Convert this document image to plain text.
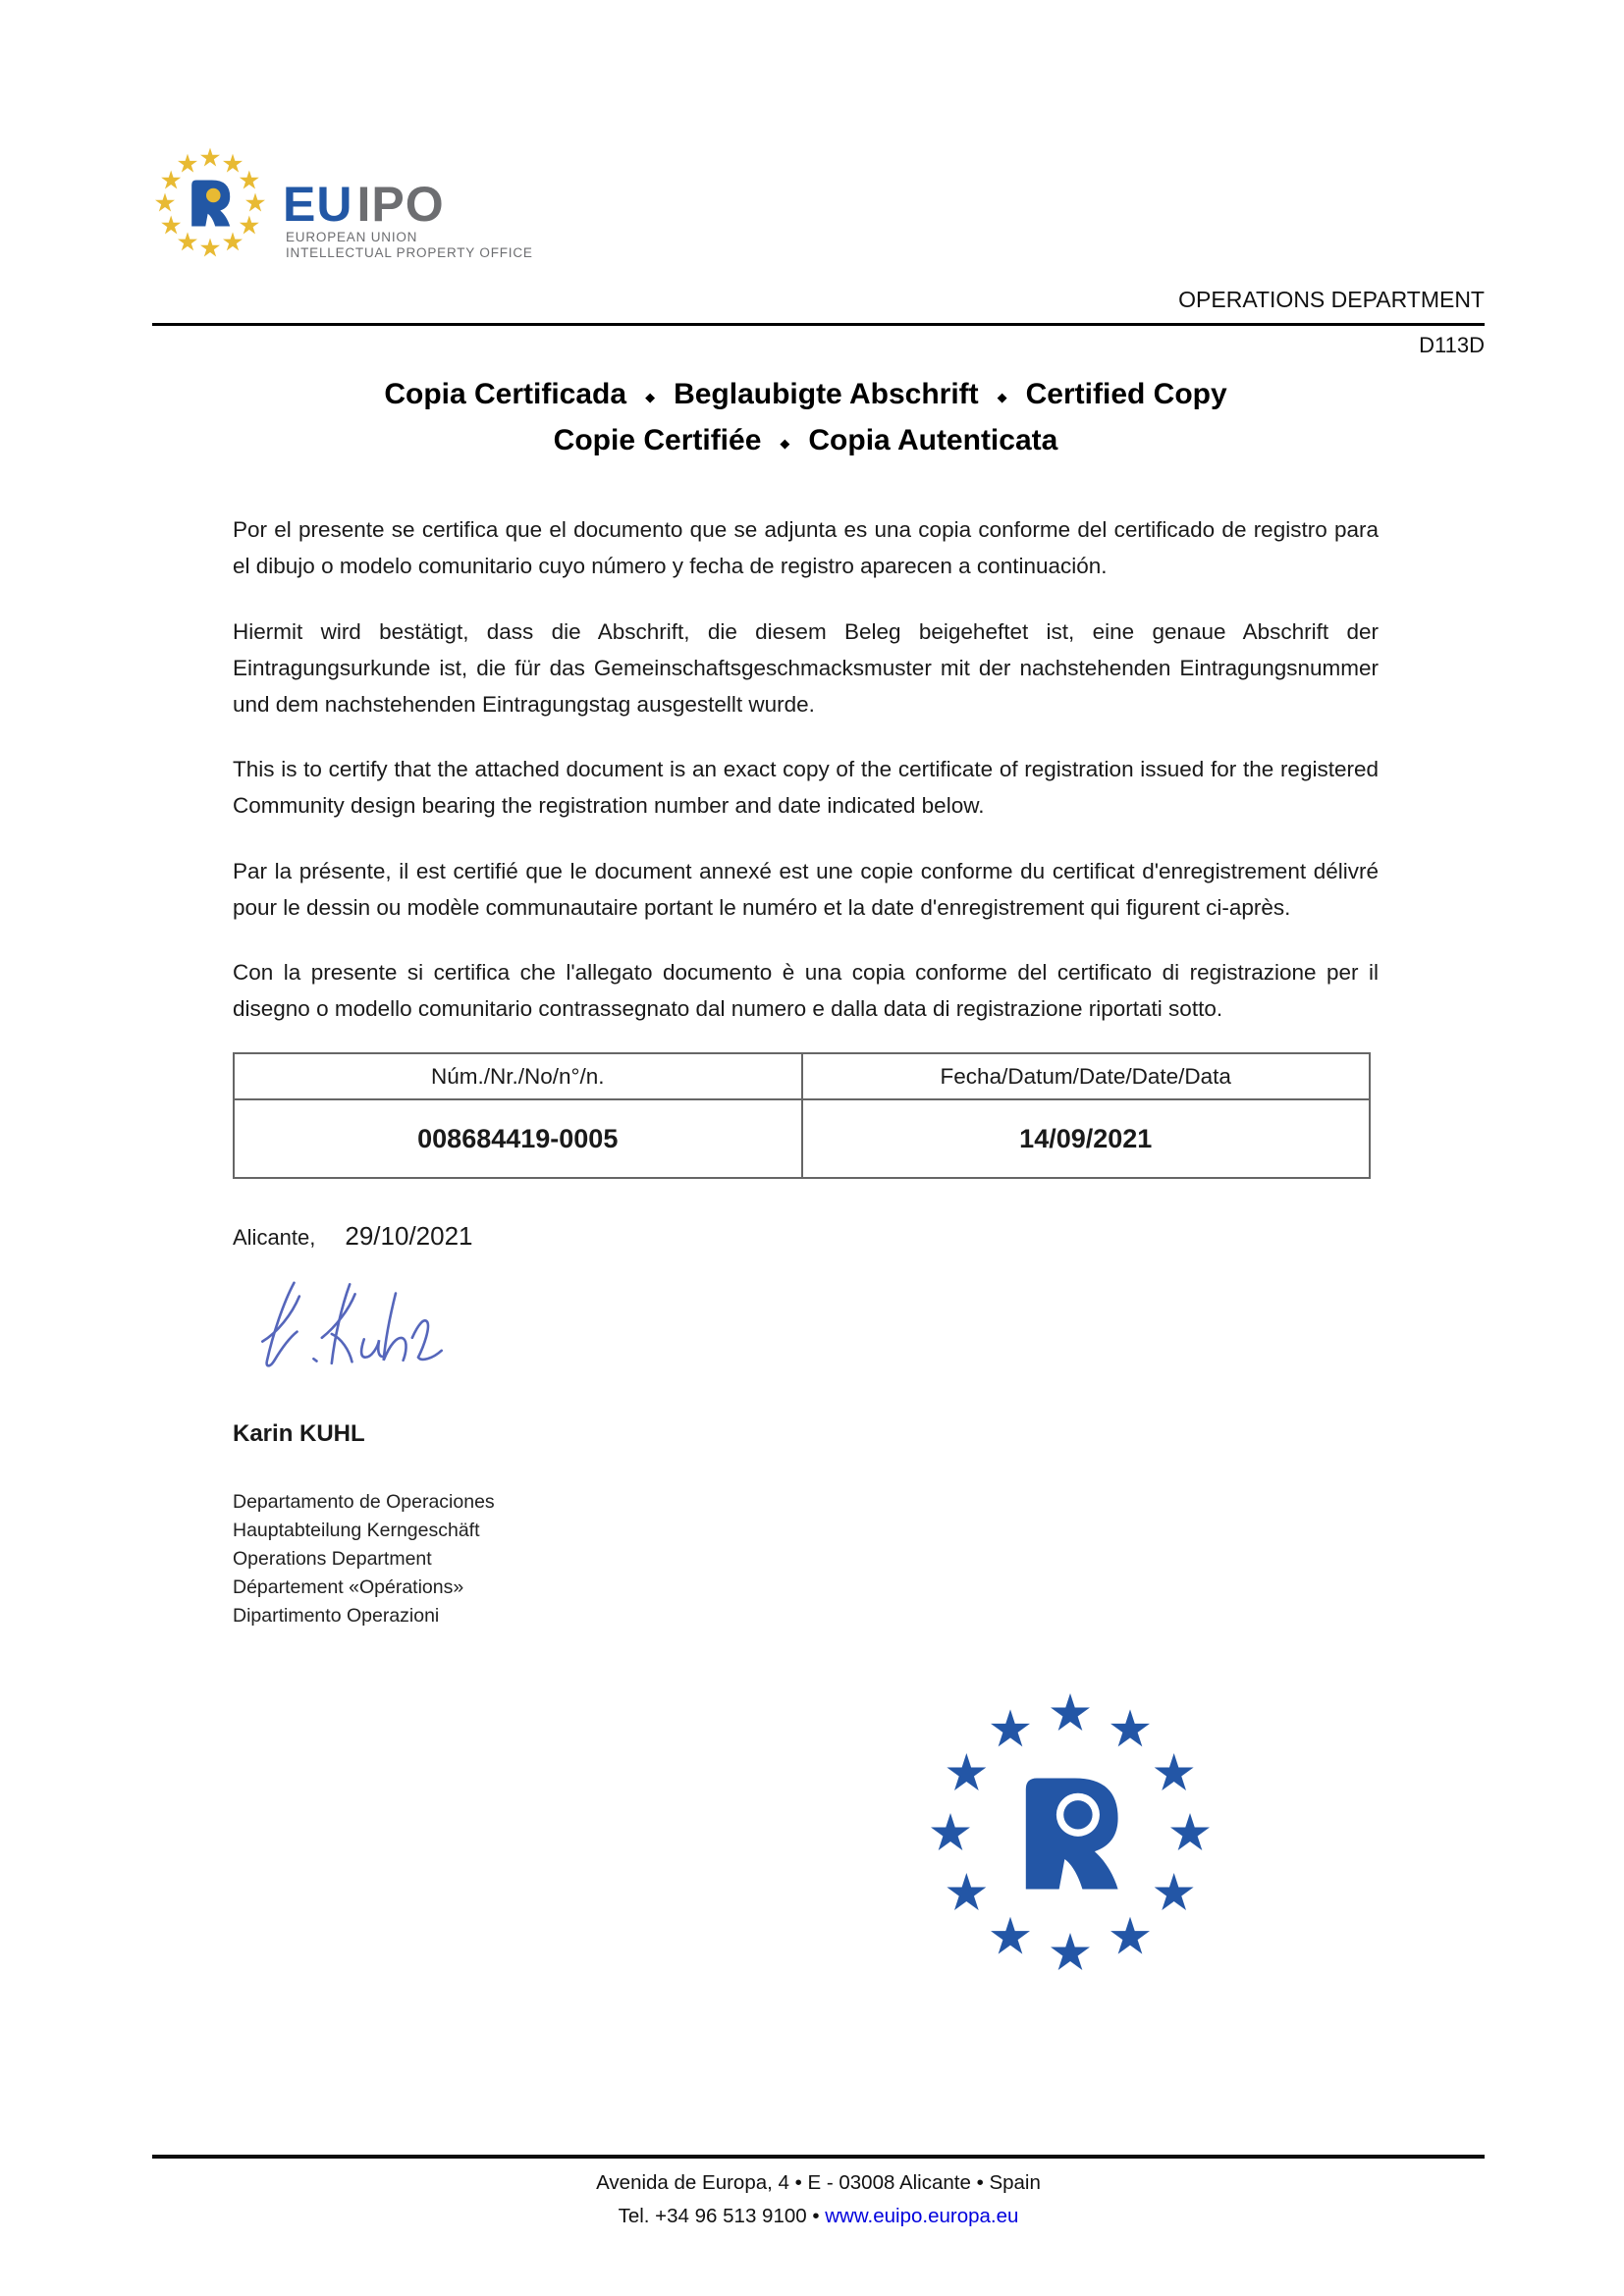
EUIPO
EUROPEAN UNION
INTELLECTUAL PROPERTY OFFICE
OPERATIONS DEPARTMENT
D113D
Copia Certificada ◆ Beglaubigte Abschrift ◆ Certified Copy
Copie Certifiée ◆ Copia Autenticata

Por el presente se certifica que el documento que se adjunta es una copia conforme del certificado de registro para el dibujo o modelo comunitario cuyo número y fecha de registro aparecen a continuación.

Hiermit wird bestätigt, dass die Abschrift, die diesem Beleg beigeheftet ist, eine genaue Abschrift der Eintragungsurkunde ist, die für das Gemeinschaftsgeschmacksmuster mit der nachstehenden Eintragungsnummer und dem nachstehenden Eintragungstag ausgestellt wurde.

This is to certify that the attached document is an exact copy of the certificate of registration issued for the registered Community design bearing the registration number and date indicated below.

Par la présente, il est certifié que le document annexé est une copie conforme du certificat d'enregistrement délivré pour le dessin ou modèle communautaire portant le numéro et la date d'enregistrement qui figurent ci-après.

Con la presente si certifica che l'allegato documento è una copia conforme del certificato di registrazione per il disegno o modello comunitario contrassegnato dal numero e dalla data di registrazione riportati sotto.

Núm./Nr./No/n°/n.	Fecha/Datum/Date/Date/Data
008684419-0005	14/09/2021
Alicante, 29/10/2021
Karin KUHL
Departamento de Operaciones
Hauptabteilung Kerngeschäft
Operations Department
Département «Opérations»
Dipartimento Operazioni
Avenida de Europa, 4 • E - 03008 Alicante • Spain
Tel. +34 96 513 9100 • www.euipo.europa.eu
